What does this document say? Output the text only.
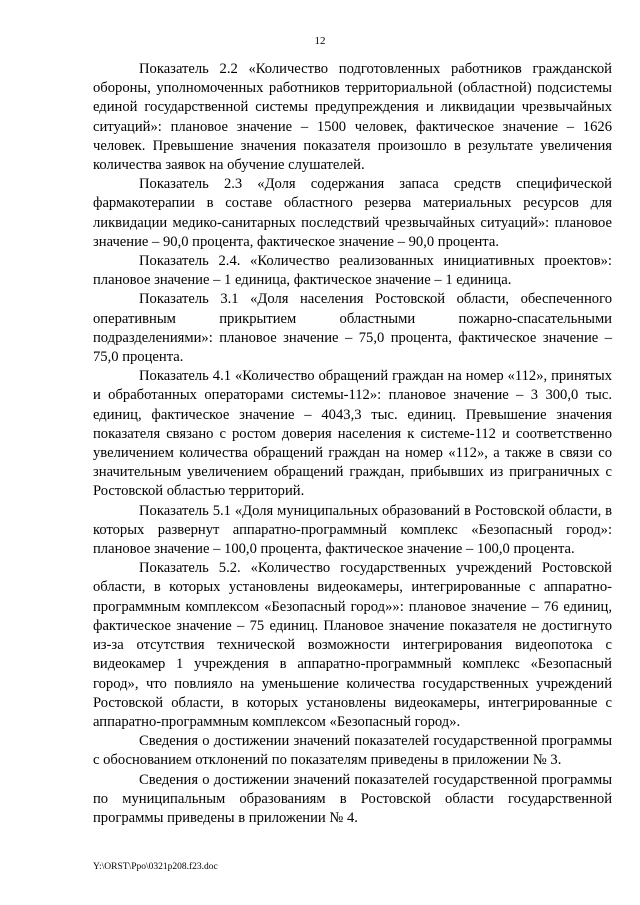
12

Показатель 2.2 «Количество подготовленных работников гражданской обороны, уполномоченных работников территориальной (областной) подсистемы единой государственной системы предупреждения и ликвидации чрезвычайных ситуаций»: плановое значение – 1500 человек, фактическое значение – 1626 человек. Превышение значения показателя произошло в результате увеличения количества заявок на обучение слушателей.

Показатель 2.3 «Доля содержания запаса средств специфической фармакотерапии в составе областного резерва материальных ресурсов для ликвидации медико-санитарных последствий чрезвычайных ситуаций»: плановое значение – 90,0 процента, фактическое значение – 90,0 процента.

Показатель 2.4. «Количество реализованных инициативных проектов»: плановое значение – 1 единица, фактическое значение – 1 единица.

Показатель 3.1 «Доля населения Ростовской области, обеспеченного оперативным прикрытием областными пожарно-спасательными подразделениями»: плановое значение – 75,0 процента, фактическое значение – 75,0 процента.

Показатель 4.1 «Количество обращений граждан на номер «112», принятых и обработанных операторами системы-112»: плановое значение – 3 300,0 тыс. единиц, фактическое значение – 4043,3 тыс. единиц. Превышение значения показателя связано с ростом доверия населения к системе-112 и соответственно увеличением количества обращений граждан на номер «112», а также в связи со значительным увеличением обращений граждан, прибывших из приграничных с Ростовской областью территорий.

Показатель 5.1 «Доля муниципальных образований в Ростовской области, в которых развернут аппаратно-программный комплекс «Безопасный город»: плановое значение – 100,0 процента, фактическое значение – 100,0 процента.

Показатель 5.2. «Количество государственных учреждений Ростовской области, в которых установлены видеокамеры, интегрированные с аппаратно-программным комплексом «Безопасный город»»: плановое значение – 76 единиц, фактическое значение – 75 единиц. Плановое значение показателя не достигнуто из-за отсутствия технической возможности интегрирования видеопотока с видеокамер 1 учреждения в аппаратно-программный комплекс «Безопасный город», что повлияло на уменьшение количества государственных учреждений Ростовской области, в которых установлены видеокамеры, интегрированные с аппаратно-программным комплексом «Безопасный город».

Сведения о достижении значений показателей государственной программы с обоснованием отклонений по показателям приведены в приложении № 3.

Сведения о достижении значений показателей государственной программы по муниципальным образованиям в Ростовской области государственной программы приведены в приложении № 4.

Y:\ORST\Ppo\0321p208.f23.doc
